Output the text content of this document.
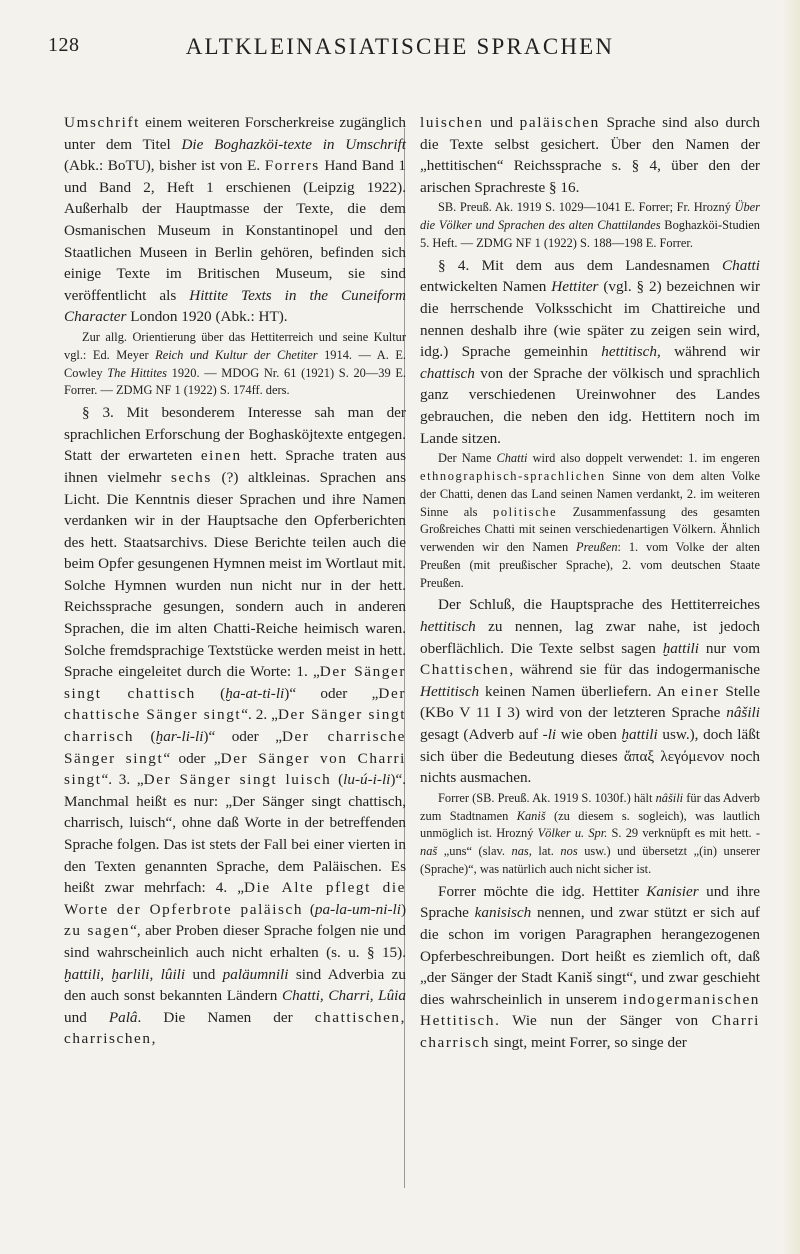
128	ALTKLEINASIATISCHE SPRACHEN

Umschrift einem weiteren Forscherkreise zugänglich unter dem Titel Die Boghazköi-texte in Umschrift (Abk.: BoTU), bisher ist von E. Forrers Hand Band 1 und Band 2, Heft 1 erschienen (Leipzig 1922). Außerhalb der Hauptmasse der Texte, die dem Osmanischen Museum in Konstantinopel und den Staatlichen Museen in Berlin gehören, befinden sich einige Texte im Britischen Museum, sie sind veröffentlicht als Hittite Texts in the Cuneiform Character London 1920 (Abk.: HT).

Zur allg. Orientierung über das Hettiterreich und seine Kultur vgl.: Ed. Meyer Reich und Kultur der Chetiter 1914. — A. E. Cowley The Hittites 1920. — MDOG Nr. 61 (1921) S. 20—39 E. Forrer. — ZDMG NF 1 (1922) S. 174ff. ders.

§ 3. Mit besonderem Interesse sah man der sprachlichen Erforschung der Boghasköjtexte entgegen. Statt der erwarteten einen hett. Sprache traten aus ihnen vielmehr sechs (?) altkleinas. Sprachen ans Licht. Die Kenntnis dieser Sprachen und ihre Namen verdanken wir in der Hauptsache den Opferberichten des hett. Staatsarchivs. Diese Berichte teilen auch die beim Opfer gesungenen Hymnen meist im Wortlaut mit. Solche Hymnen wurden nun nicht nur in der hett. Reichssprache gesungen, sondern auch in anderen Sprachen, die im alten Chatti-Reiche heimisch waren. Solche fremdsprachige Textstücke werden meist in hett. Sprache eingeleitet durch die Worte: 1. „Der Sänger singt chattisch (ḫa-at-ti-li)“ oder „Der chattische Sänger singt“. 2. „Der Sänger singt charrisch (ḫar-li-li)“ oder „Der charrische Sänger singt“ oder „Der Sänger von Charri singt“. 3. „Der Sänger singt luisch (lu-ú-i-li)“. Manchmal heißt es nur: „Der Sänger singt chattisch, charrisch, luisch“, ohne daß Worte in der betreffenden Sprache folgen. Das ist stets der Fall bei einer vierten in den Texten genannten Sprache, dem Paläischen. Es heißt zwar mehrfach: 4. „Die Alte pflegt die Worte der Opferbrote paläisch (pa-la-um-ni-li) zu sagen“, aber Proben dieser Sprache folgen nie und sind wahrscheinlich auch nicht erhalten (s. u. § 15). ḫattili, ḫarlili, lûili und paläumnili sind Adverbia zu den auch sonst bekannten Ländern Chatti, Charri, Lûia und Palâ. Die Namen der chattischen, charrischen,

luischen und paläischen Sprache sind also durch die Texte selbst gesichert. Über den Namen der „hettitischen“ Reichssprache s. § 4, über den der arischen Sprachreste § 16.

SB. Preuß. Ak. 1919 S. 1029—1041 E. Forrer; Fr. Hrozný Über die Völker und Sprachen des alten Chattilandes Boghazköi-Studien 5. Heft. — ZDMG NF 1 (1922) S. 188—198 E. Forrer.

§ 4. Mit dem aus dem Landesnamen Chatti entwickelten Namen Hettiter (vgl. § 2) bezeichnen wir die herrschende Volksschicht im Chattireiche und nennen deshalb ihre (wie später zu zeigen sein wird, idg.) Sprache gemeinhin hettitisch, während wir chattisch von der Sprache der völkisch und sprachlich ganz verschiedenen Ureinwohner des Landes gebrauchen, die neben den idg. Hettitern noch im Lande sitzen.

Der Name Chatti wird also doppelt verwendet: 1. im engeren ethnographisch-sprachlichen Sinne von dem alten Volke der Chatti, denen das Land seinen Namen verdankt, 2. im weiteren Sinne als politische Zusammenfassung des gesamten Großreiches Chatti mit seinen verschiedenartigen Völkern. Ähnlich verwenden wir den Namen Preußen: 1. vom Volke der alten Preußen (mit preußischer Sprache), 2. vom deutschen Staate Preußen.

Der Schluß, die Hauptsprache des Hettiterreiches hettitisch zu nennen, lag zwar nahe, ist jedoch oberflächlich. Die Texte selbst sagen ḫattili nur vom Chattischen, während sie für das indogermanische Hettitisch keinen Namen überliefern. An einer Stelle (KBo V 11 I 3) wird von der letzteren Sprache nâšili gesagt (Adverb auf -li wie oben ḫattili usw.), doch läßt sich über die Bedeutung dieses ἅπαξ λεγόμενον noch nichts ausmachen.

Forrer (SB. Preuß. Ak. 1919 S. 1030f.) hält nâšili für das Adverb zum Stadtnamen Kaniš (zu diesem s. sogleich), was lautlich unmöglich ist. Hrozný Völker u. Spr. S. 29 verknüpft es mit hett. -naš „uns“ (slav. nas, lat. nos usw.) und übersetzt „(in) unserer (Sprache)“, was natürlich auch nicht sicher ist.

Forrer möchte die idg. Hettiter Kanisier und ihre Sprache kanisisch nennen, und zwar stützt er sich auf die schon im vorigen Paragraphen herangezogenen Opferbeschreibungen. Dort heißt es ziemlich oft, daß „der Sänger der Stadt Kaniš singt“, und zwar geschieht dies wahrscheinlich in unserem indogermanischen Hettitisch. Wie nun der Sänger von Charri charrisch singt, meint Forrer, so singe der
